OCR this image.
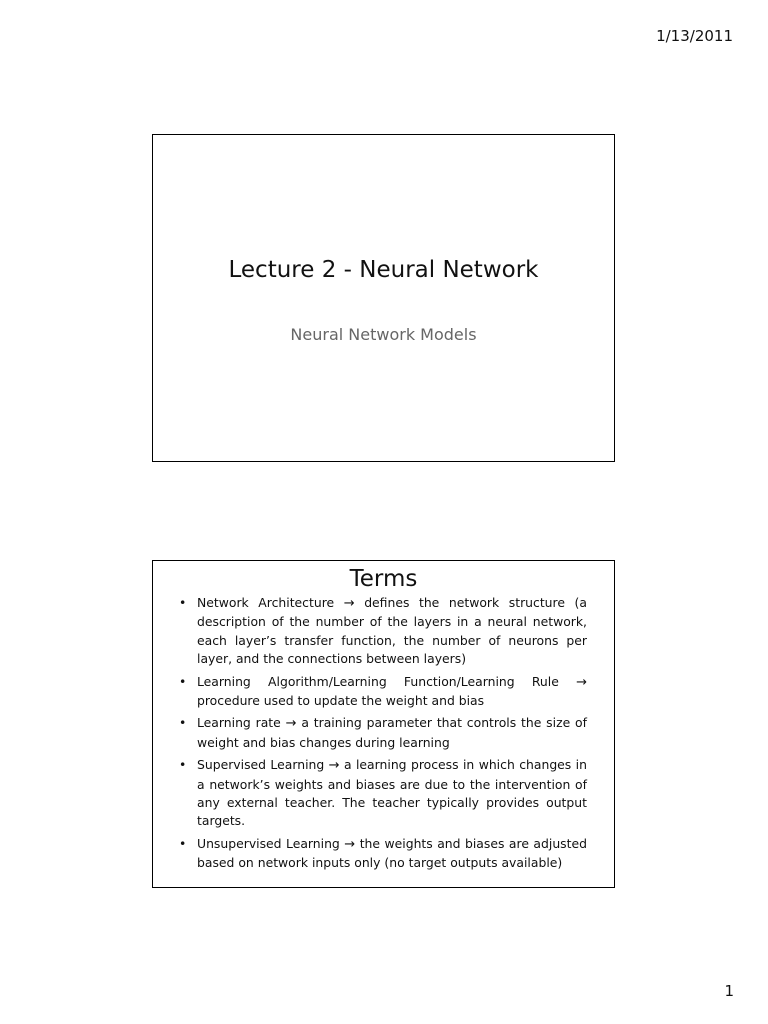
1/13/2011
Lecture 2 - Neural Network
Neural Network Models
Terms
• Network Architecture → defines the network structure (a description of the number of the layers in a neural network, each layer’s transfer function, the number of neurons per layer, and the connections between layers)
• Learning Algorithm/Learning Function/Learning Rule → procedure used to update the weight and bias
• Learning rate → a training parameter that controls the size of weight and bias changes during learning
• Supervised Learning → a learning process in which changes in a network’s weights and biases are due to the intervention of any external teacher. The teacher typically provides output targets.
• Unsupervised Learning → the weights and biases are adjusted based on network inputs only (no target outputs available)
1
